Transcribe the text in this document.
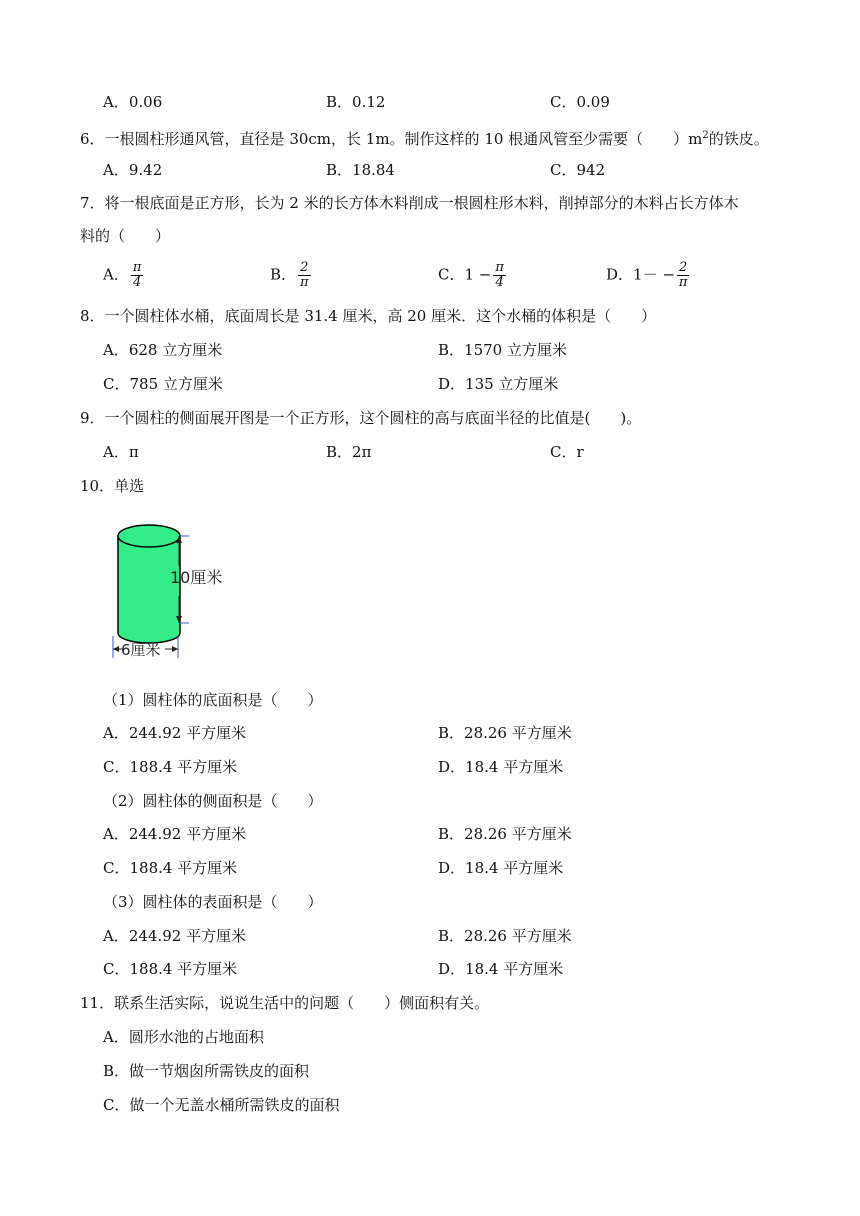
A．0.06	B．0.12	C．0.09
6．一根圆柱形通风管，直径是 30cm，长 1m。制作这样的 10 根通风管至少需要（　　）$m^2$的铁皮。
A．9.42	B．18.84	C．942
7．将一根底面是正方形，长为 2 米的长方体木料削成一根圆柱形木料，削掉部分的木料占长方体木
料的（　　）
A． $\frac{\pi}{4}$	B． $\frac{2}{\pi}$	C．$1 - \frac{\pi}{4}$	D．$1- - \frac{2}{\pi}$
8．一个圆柱体水桶，底面周长是 31.4 厘米，高 20 厘米．这个水桶的体积是（　　）
A．628 立方厘米	B．1570 立方厘米
C．785 立方厘米	D．135 立方厘米
9．一个圆柱的侧面展开图是一个正方形，这个圆柱的高与底面半径的比值是(　　)。
A．π	B．2π	C．r
10．单选
10厘米
6厘米
（1）圆柱体的底面积是（　　）
A．244.92 平方厘米	B．28.26 平方厘米
C．188.4 平方厘米	D．18.4 平方厘米
（2）圆柱体的侧面积是（　　）
A．244.92 平方厘米	B．28.26 平方厘米
C．188.4 平方厘米	D．18.4 平方厘米
（3）圆柱体的表面积是（　　）
A．244.92 平方厘米	B．28.26 平方厘米
C．188.4 平方厘米	D．18.4 平方厘米
11．联系生活实际，说说生活中的问题（　　）侧面积有关。
A．圆形水池的占地面积
B．做一节烟囱所需铁皮的面积
C．做一个无盖水桶所需铁皮的面积
